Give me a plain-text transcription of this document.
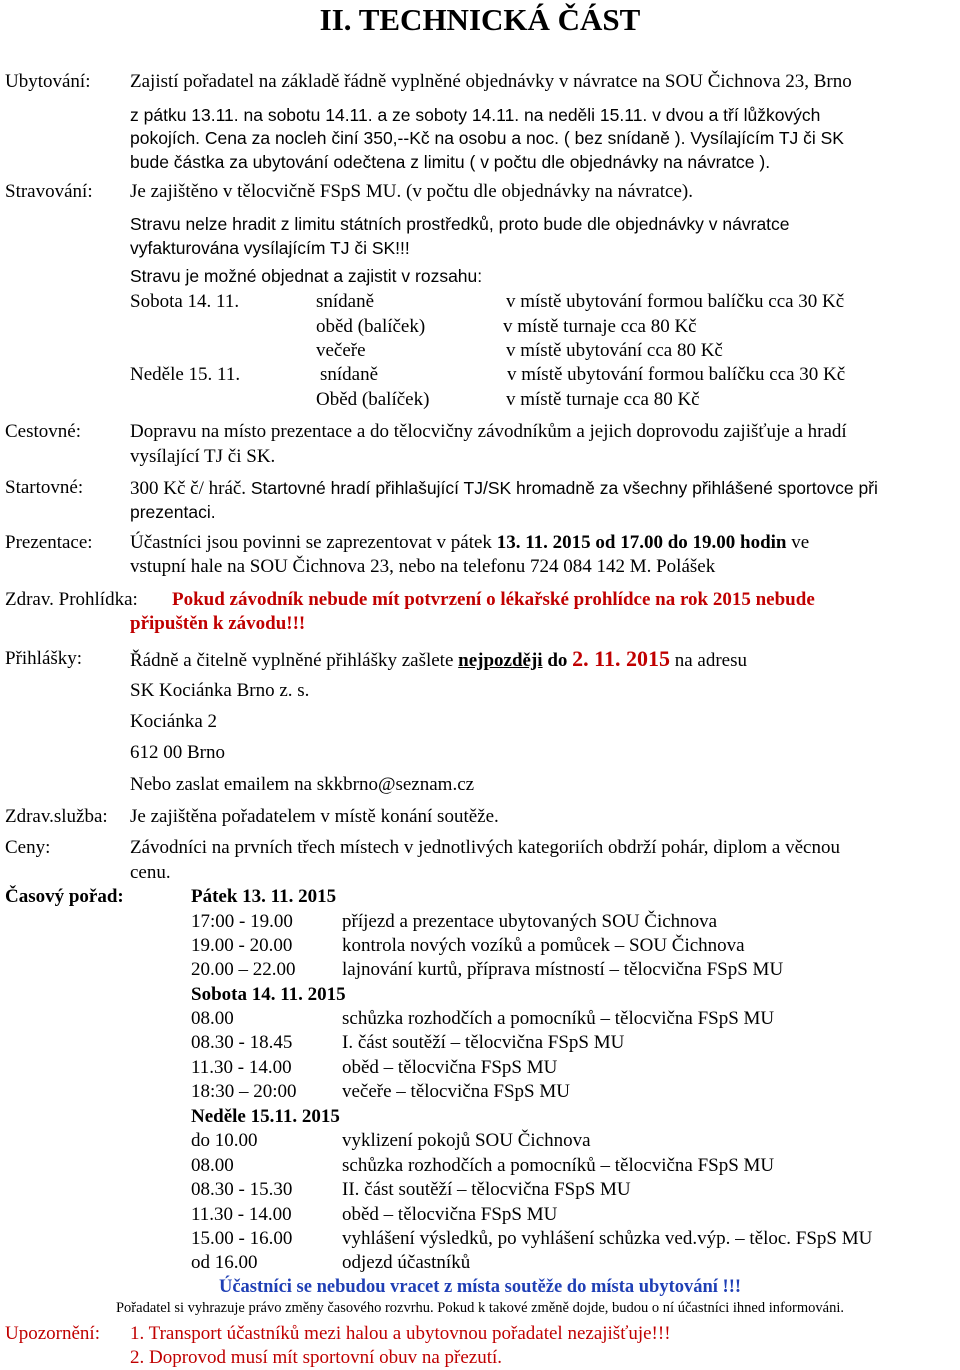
II. TECHNICKÁ ČÁST
Ubytování: Zajistí pořadatel na základě řádně vyplněné objednávky v návratce na SOU Čichnova 23, Brno
z pátku 13.11. na sobotu 14.11. a ze soboty 14.11. na neděli 15.11. v dvou a tří lůžkových
pokojích. Cena za nocleh činí 350,--Kč na osobu a noc. ( bez snídaně ). Vysílajícím TJ či SK
bude částka za ubytování odečtena z limitu ( v počtu dle objednávky na návratce ).
Stravování: Je zajištěno v tělocvičně FSpS MU. (v počtu dle objednávky na návratce).
Stravu nelze hradit z limitu státních prostředků, proto bude dle objednávky v návratce
vyfakturována vysílajícím TJ či SK!!!
Stravu je možné objednat a zajistit v rozsahu:
Sobota 14. 11.	snídaně	v místě ubytování formou balíčku cca 30 Kč
oběd (balíček)	v místě turnaje cca 80 Kč
večeře	v místě ubytování cca 80 Kč
Neděle 15. 11.	snídaně	v místě ubytování formou balíčku cca 30 Kč
Oběd (balíček)	v místě turnaje cca 80 Kč
Cestovné:	Dopravu na místo prezentace a do tělocvičny závodníkům a jejich doprovodu zajišťuje a hradí
vysílající TJ či SK.
Startovné: 300 Kč č/ hráč. Startovné hradí přihlašující TJ/SK hromadně za všechny přihlášené sportovce při
prezentaci.
Prezentace: Účastníci jsou povinni se zaprezentovat v pátek 13. 11. 2015 od 17.00 do 19.00 hodin ve
vstupní hale na SOU Čichnova 23, nebo na telefonu 724 084 142 M. Polášek
Zdrav. Prohlídka: Pokud závodník nebude mít potvrzení o lékařské prohlídce na rok 2015 nebude
připuštěn k závodu!!!
Přihlášky:	Řádně a čitelně vyplněné přihlášky zašlete nejpozději do 2. 11. 2015 na adresu
SK Kociánka Brno z. s.
Kociánka 2
612 00 Brno
Nebo zaslat emailem na skkbrno@seznam.cz
Zdrav.služba: Je zajištěna pořadatelem v místě konání soutěže.
Ceny:	Závodníci na prvních třech místech v jednotlivých kategoriích obdrží pohár, diplom a věcnou
cenu.
Časový pořad:	Pátek 13. 11. 2015
17:00 - 19.00	příjezd a prezentace ubytovaných SOU Čichnova
19.00 - 20.00	kontrola nových vozíků a pomůcek – SOU Čichnova
20.00 – 22.00 lajnování kurtů, příprava místností – tělocvična FSpS MU
Sobota 14. 11. 2015
08.00	schůzka rozhodčích a pomocníků – tělocvična FSpS MU
08.30 - 18.45	I. část soutěží – tělocvična FSpS MU
11.30 - 14.00	oběd – tělocvična FSpS MU
18:30 – 20:00 večeře – tělocvična FSpS MU
Neděle 15.11. 2015
do 10.00	vyklizení pokojů SOU Čichnova
08.00	schůzka rozhodčích a pomocníků – tělocvična FSpS MU
08.30 - 15.30	II. část soutěží – tělocvična FSpS MU
11.30 - 14.00	oběd – tělocvična FSpS MU
15.00 - 16.00	vyhlášení výsledků, po vyhlášení schůzka ved.výp. – těloc. FSpS MU
od 16.00	odjezd účastníků
Účastníci se nebudou vracet z místa soutěže do místa ubytování !!!
Pořadatel si vyhrazuje právo změny časového rozvrhu. Pokud k takové změně dojde, budou o ní účastníci ihned informováni.
Upozornění: 1. Transport účastníků mezi halou a ubytovnou pořadatel nezajišťuje!!!
2. Doprovod musí mít sportovní obuv na přezutí.
